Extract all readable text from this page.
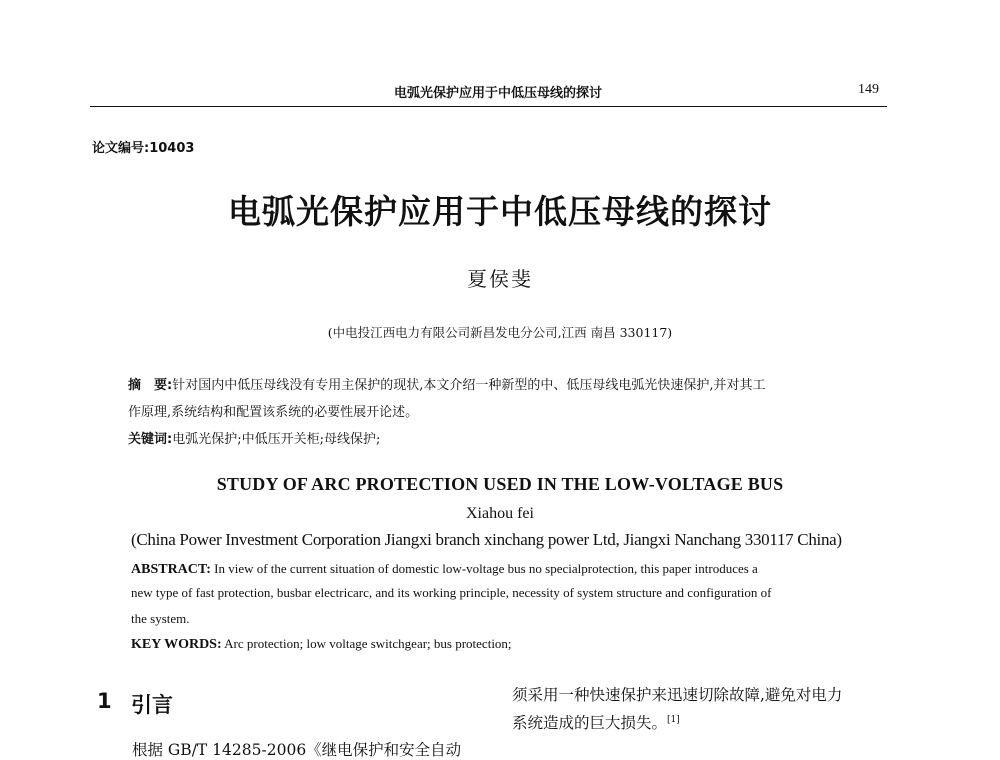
电弧光保护应用于中低压母线的探讨	149
论文编号:10403
电弧光保护应用于中低压母线的探讨
夏侯斐
(中电投江西电力有限公司新昌发电分公司,江西 南昌 330117)
摘　要:针对国内中低压母线没有专用主保护的现状,本文介绍一种新型的中、低压母线电弧光快速保护,并对其工
作原理,系统结构和配置该系统的必要性展开论述。
关键词:电弧光保护;中低压开关柜;母线保护;
STUDY OF ARC PROTECTION USED IN THE LOW-VOLTAGE BUS
Xiahou fei
(China Power Investment Corporation Jiangxi branch xinchang power Ltd, Jiangxi Nanchang 330117 China)
ABSTRACT: In view of the current situation of domestic low-voltage bus no specialprotection, this paper introduces a
new type of fast protection, busbar electricarc, and its working principle, necessity of system structure and configuration of
the system.
KEY WORDS: Arc protection; low voltage switchgear; bus protection;
1 引言
根据 GB/T 14285-2006《继电保护和安全自动
须采用一种快速保护来迅速切除故障,避免对电力
系统造成的巨大损失。[1]
